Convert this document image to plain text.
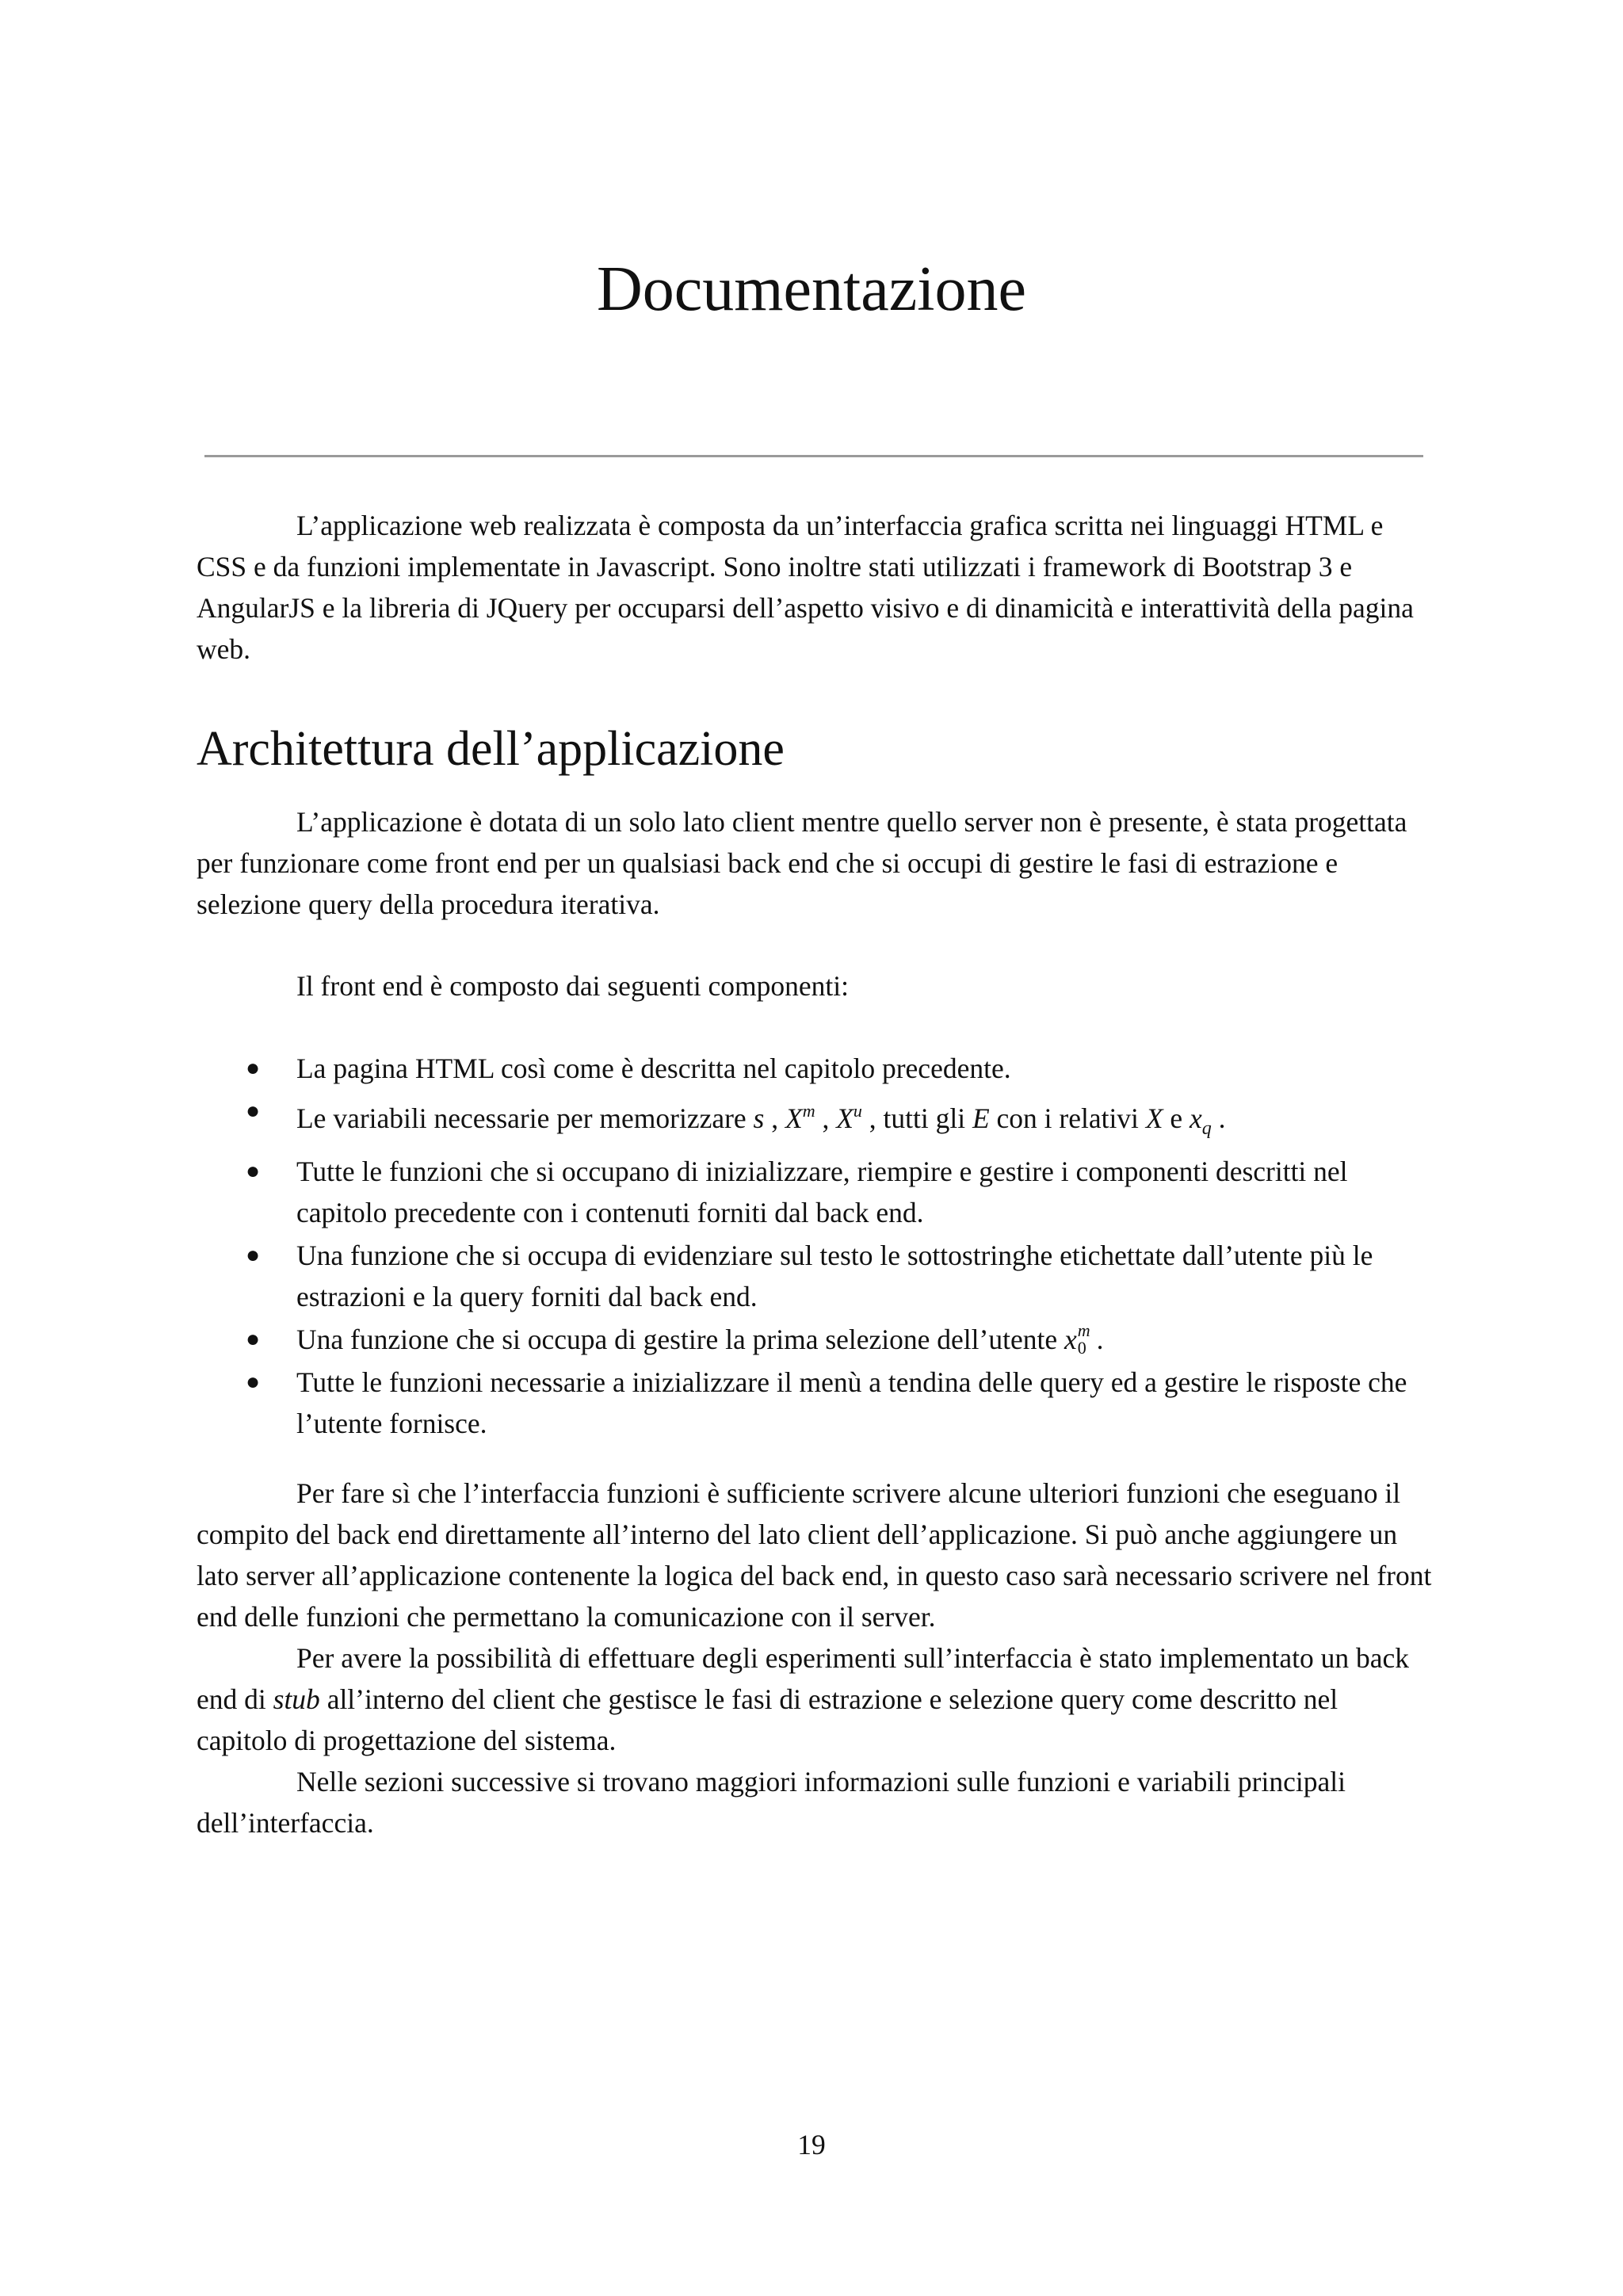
Documentazione

L’applicazione web realizzata è composta da un’interfaccia grafica scritta nei linguaggi HTML e CSS e da funzioni implementate in Javascript. Sono inoltre stati utilizzati i framework di Bootstrap 3 e AngularJS e la libreria di JQuery per occuparsi dell’aspetto visivo e di dinamicità e interattività della pagina web.

Architettura dell’applicazione

L’applicazione è dotata di un solo lato client mentre quello server non è presente, è stata progettata per funzionare come front end per un qualsiasi back end che si occupi di gestire le fasi di estrazione e selezione query della procedura iterativa.

Il front end è composto dai seguenti componenti:

● La pagina HTML così come è descritta nel capitolo precedente.
● Le variabili necessarie per memorizzare s , $X^m$ , $X^u$ , tutti gli E con i relativi X e $x_q$ .
● Tutte le funzioni che si occupano di inizializzare, riempire e gestire i componenti descritti nel capitolo precedente con i contenuti forniti dal back end.
● Una funzione che si occupa di evidenziare sul testo le sottostringhe etichettate dall’utente più le estrazioni e la query forniti dal back end.
● Una funzione che si occupa di gestire la prima selezione dell’utente x m
0 .
● Tutte le funzioni necessarie a inizializzare il menù a tendina delle query ed a gestire le risposte che l’utente fornisce.

Per fare sì che l’interfaccia funzioni è sufficiente scrivere alcune ulteriori funzioni che eseguano il compito del back end direttamente all’interno del lato client dell’applicazione. Si può anche aggiungere un lato server all’applicazione contenente la logica del back end, in questo caso sarà necessario scrivere nel front end delle funzioni che permettano la comunicazione con il server.

Per avere la possibilità di effettuare degli esperimenti sull’interfaccia è stato implementato un back end di stub all’interno del client che gestisce le fasi di estrazione e selezione query come descritto nel capitolo di progettazione del sistema.

Nelle sezioni successive si trovano maggiori informazioni sulle funzioni e variabili principali dell’interfaccia.

19
